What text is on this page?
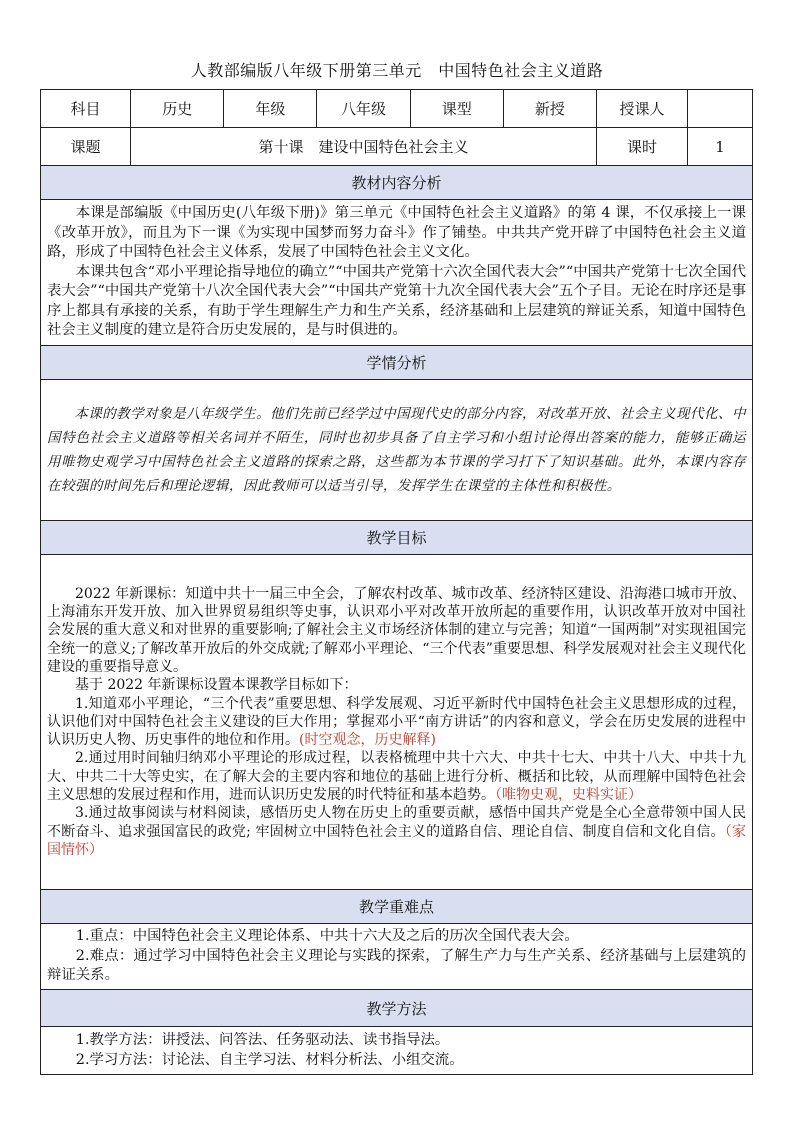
人教部编版八年级下册第三单元　中国特色社会主义道路
科目	历史	年级	八年级	课型	新授	授课人	
课题	第十课　建设中国特色社会主义					课时	1
教材内容分析							

本课是部编版《中国历史(八年级下册)》第三单元《中国特色社会主义道路》的第 4 课，不仅承接上一课《改革开放》，而且为下一课《为实现中国梦而努力奋斗》作了铺垫。中共共产党开辟了中国特色社会主义道路，形成了中国特色社会主义体系，发展了中国特色社会主义文化。

本课共包含“邓小平理论指导地位的确立”“中国共产党第十六次全国代表大会”“中国共产党第十七次全国代表大会”“中国共产党第十八次全国代表大会”“中国共产党第十九次全国代表大会”五个子目。无论在时序还是事序上都具有承接的关系，有助于学生理解生产力和生产关系，经济基础和上层建筑的辩证关系，知道中国特色社会主义制度的建立是符合历史发展的，是与时俱进的。							

学情分析							

本课的教学对象是八年级学生。他们先前已经学过中国现代史的部分内容，对改革开放、社会主义现代化、中国特色社会主义道路等相关名词并不陌生，同时也初步具备了自主学习和小组讨论得出答案的能力，能够正确运用唯物史观学习中国特色社会主义道路的探索之路，这些都为本节课的学习打下了知识基础。此外，本课内容存在较强的时间先后和理论逻辑，因此教师可以适当引导，发挥学生在课堂的主体性和积极性。							

教学目标							

2022 年新课标：知道中共十一届三中全会，了解农村改革、城市改革、经济特区建设、沿海港口城市开放、上海浦东开发开放、加入世界贸易组织等史事，认识邓小平对改革开放所起的重要作用，认识改革开放对中国社会发展的重大意义和对世界的重要影响;了解社会主义市场经济体制的建立与完善；知道“一国两制”对实现祖国完全统一的意义;了解改革开放后的外交成就;了解邓小平理论、“三个代表”重要思想、科学发展观对社会主义现代化建设的重要指导意义。

基于 2022 年新课标设置本课教学目标如下：

1.知道邓小平理论，“三个代表”重要思想、科学发展观、习近平新时代中国特色社会主义思想形成的过程，认识他们对中国特色社会主义建设的巨大作用；掌握邓小平“南方讲话”的内容和意义，学会在历史发展的进程中认识历史人物、历史事件的地位和作用。(时空观念，历史解释)

2.通过用时间轴归纳邓小平理论的形成过程，以表格梳理中共十六大、中共十七大、中共十八大、中共十九大、中共二十大等史实，在了解大会的主要内容和地位的基础上进行分析、概括和比较，从而理解中国特色社会主义思想的发展过程和作用，进而认识历史发展的时代特征和基本趋势。（唯物史观，史料实证）

3.通过故事阅读与材料阅读，感悟历史人物在历史上的重要贡献，感悟中国共产党是全心全意带领中国人民不断奋斗、追求强国富民的政党; 牢固树立中国特色社会主义的道路自信、理论自信、制度自信和文化自信。（家国情怀）							

教学重难点							

1.重点：中国特色社会主义理论体系、中共十六大及之后的历次全国代表大会。

2.难点：通过学习中国特色社会主义理论与实践的探索，了解生产力与生产关系、经济基础与上层建筑的辩证关系。							

教学方法							

1.教学方法：讲授法、问答法、任务驱动法、读书指导法。

2.学习方法：讨论法、自主学习法、材料分析法、小组交流。							
